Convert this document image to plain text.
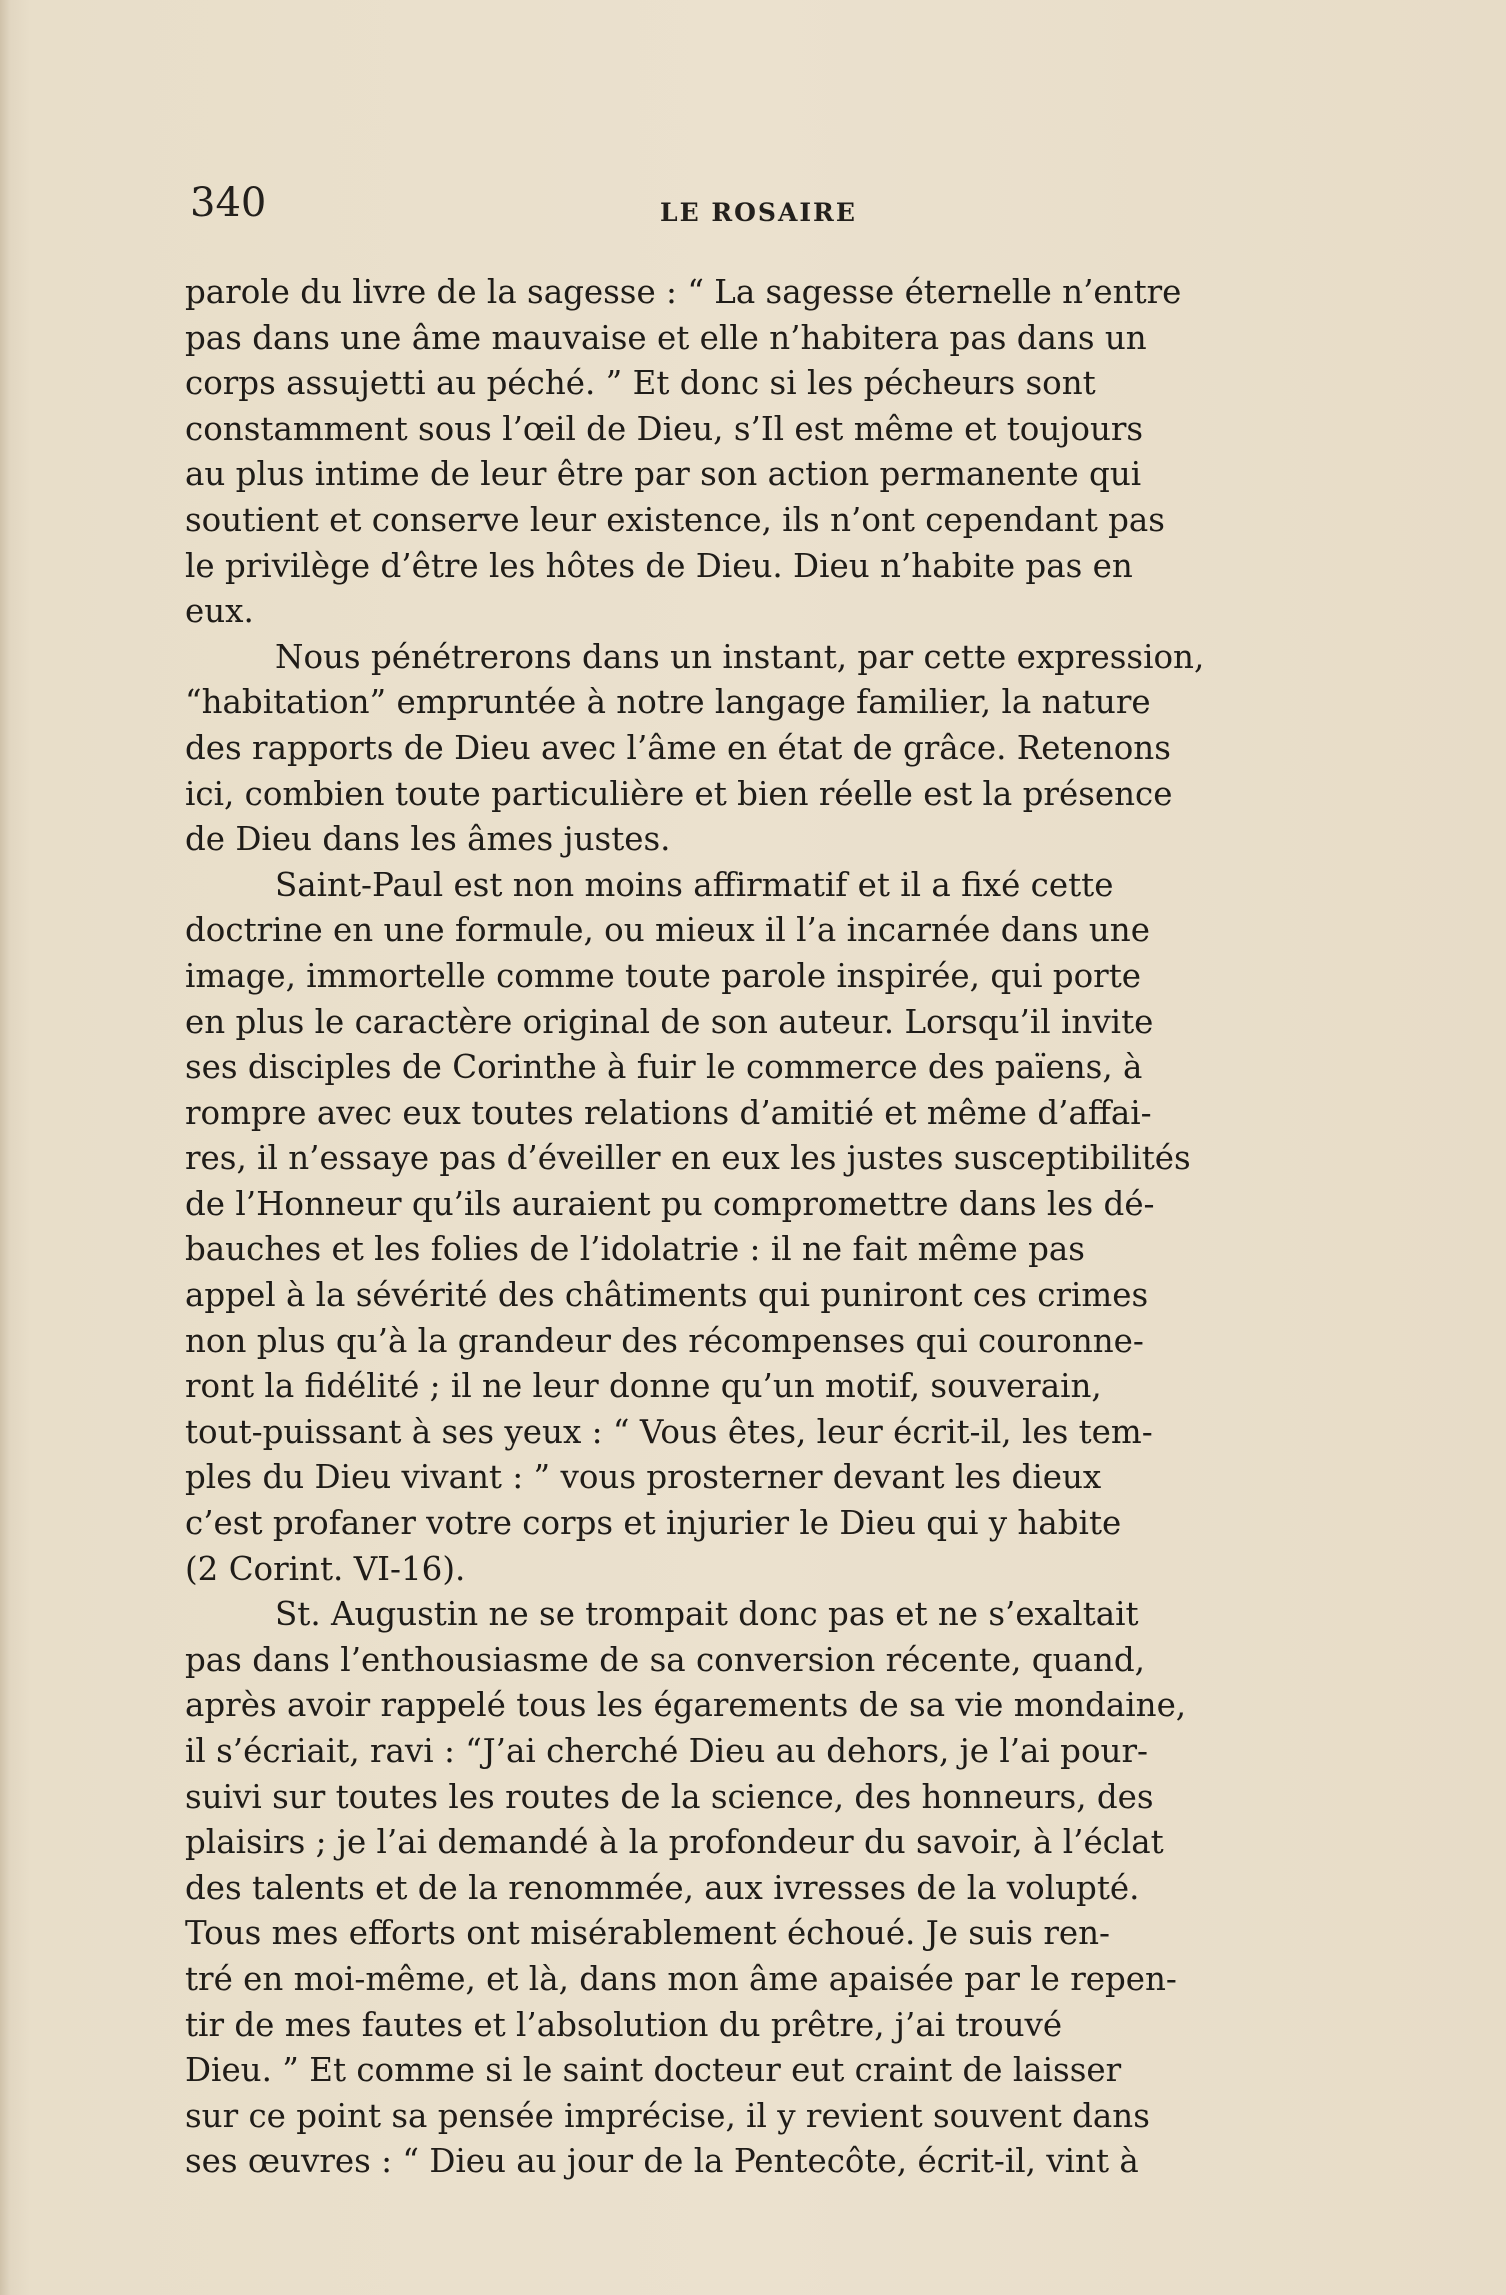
340	LE ROSAIRE
parole du livre de la sagesse : “ La sagesse éternelle n’entre
pas dans une âme mauvaise et elle n’habitera pas dans un
corps assujetti au péché. ” Et donc si les pécheurs sont
constamment sous l’œil de Dieu, s’Il est même et toujours
au plus intime de leur être par son action permanente qui
soutient et conserve leur existence, ils n’ont cependant pas
le privilège d’être les hôtes de Dieu. Dieu n’habite pas en
eux.
Nous pénétrerons dans un instant, par cette expression,
“habitation” empruntée à notre langage familier, la nature
des rapports de Dieu avec l’âme en état de grâce. Retenons
ici, combien toute particulière et bien réelle est la présence
de Dieu dans les âmes justes.
Saint-Paul est non moins affirmatif et il a fixé cette
doctrine en une formule, ou mieux il l’a incarnée dans une
image, immortelle comme toute parole inspirée, qui porte
en plus le caractère original de son auteur. Lorsqu’il invite
ses disciples de Corinthe à fuir le commerce des païens, à
rompre avec eux toutes relations d’amitié et même d’affai-
res, il n’essaye pas d’éveiller en eux les justes susceptibilités
de l’Honneur qu’ils auraient pu compromettre dans les dé-
bauches et les folies de l’idolatrie : il ne fait même pas
appel à la sévérité des châtiments qui puniront ces crimes
non plus qu’à la grandeur des récompenses qui couronne-
ront la fidélité ; il ne leur donne qu’un motif, souverain,
tout-puissant à ses yeux : “ Vous êtes, leur écrit-il, les tem-
ples du Dieu vivant : ” vous prosterner devant les dieux
c’est profaner votre corps et injurier le Dieu qui y habite
(2 Corint. VI-16).
St. Augustin ne se trompait donc pas et ne s’exaltait
pas dans l’enthousiasme de sa conversion récente, quand,
après avoir rappelé tous les égarements de sa vie mondaine,
il s’écriait, ravi : “J’ai cherché Dieu au dehors, je l’ai pour-
suivi sur toutes les routes de la science, des honneurs, des
plaisirs ; je l’ai demandé à la profondeur du savoir, à l’éclat
des talents et de la renommée, aux ivresses de la volupté.
Tous mes efforts ont misérablement échoué. Je suis ren-
tré en moi-même, et là, dans mon âme apaisée par le repen-
tir de mes fautes et l’absolution du prêtre, j’ai trouvé
Dieu. ” Et comme si le saint docteur eut craint de laisser
sur ce point sa pensée imprécise, il y revient souvent dans
ses œuvres : “ Dieu au jour de la Pentecôte, écrit-il, vint à
